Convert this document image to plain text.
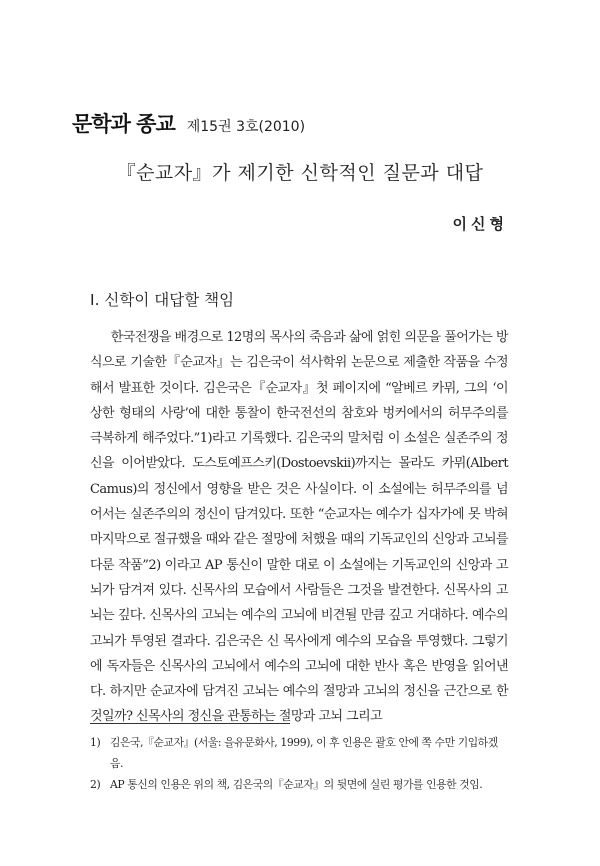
문학과 종교 제15권 3호(2010)
『순교자』가 제기한 신학적인 질문과 대답
이신형
I. 신학이 대답할 책임

한국전쟁을 배경으로 12명의 목사의 죽음과 삶에 얽힌 의문을 풀어가는 방식으로 기술한『순교자』는 김은국이 석사학위 논문으로 제출한 작품을 수정해서 발표한 것이다. 김은국은『순교자』첫 페이지에 “알베르 카뮈, 그의 ‘이상한 형태의 사랑’에 대한 통찰이 한국전선의 참호와 벙커에서의 허무주의를 극복하게 해주었다.”1)라고 기록했다. 김은국의 말처럼 이 소설은 실존주의 정신을 이어받았다. 도스토예프스키(Dostoevskii)까지는 몰라도 카뮈(Albert Camus)의 정신에서 영향을 받은 것은 사실이다. 이 소설에는 허무주의를 넘어서는 실존주의의 정신이 담겨있다. 또한 “순교자는 예수가 십자가에 못 박혀 마지막으로 절규했을 때와 같은 절망에 처했을 때의 기독교인의 신앙과 고뇌를 다룬 작품”2) 이라고 AP 통신이 말한 대로 이 소설에는 기독교인의 신앙과 고뇌가 담겨져 있다. 신목사의 모습에서 사람들은 그것을 발견한다. 신목사의 고뇌는 깊다. 신목사의 고뇌는 예수의 고뇌에 비견될 만큼 깊고 거대하다. 예수의 고뇌가 투영된 결과다. 김은국은 신 목사에게 예수의 모습을 투영했다. 그렇기에 독자들은 신목사의 고뇌에서 예수의 고뇌에 대한 반사 혹은 반영을 읽어낸다. 하지만 순교자에 담겨진 고뇌는 예수의 절망과 고뇌의 정신을 근간으로 한 것일까? 신목사의 정신을 관통하는 절망과 고뇌 그리고

1) 김은국,『순교자』(서울: 을유문화사, 1999), 이 후 인용은 괄호 안에 쪽 수만 기입하겠음.
2) AP 통신의 인용은 위의 책, 김은국의『순교자』의 뒷면에 실린 평가를 인용한 것임.
